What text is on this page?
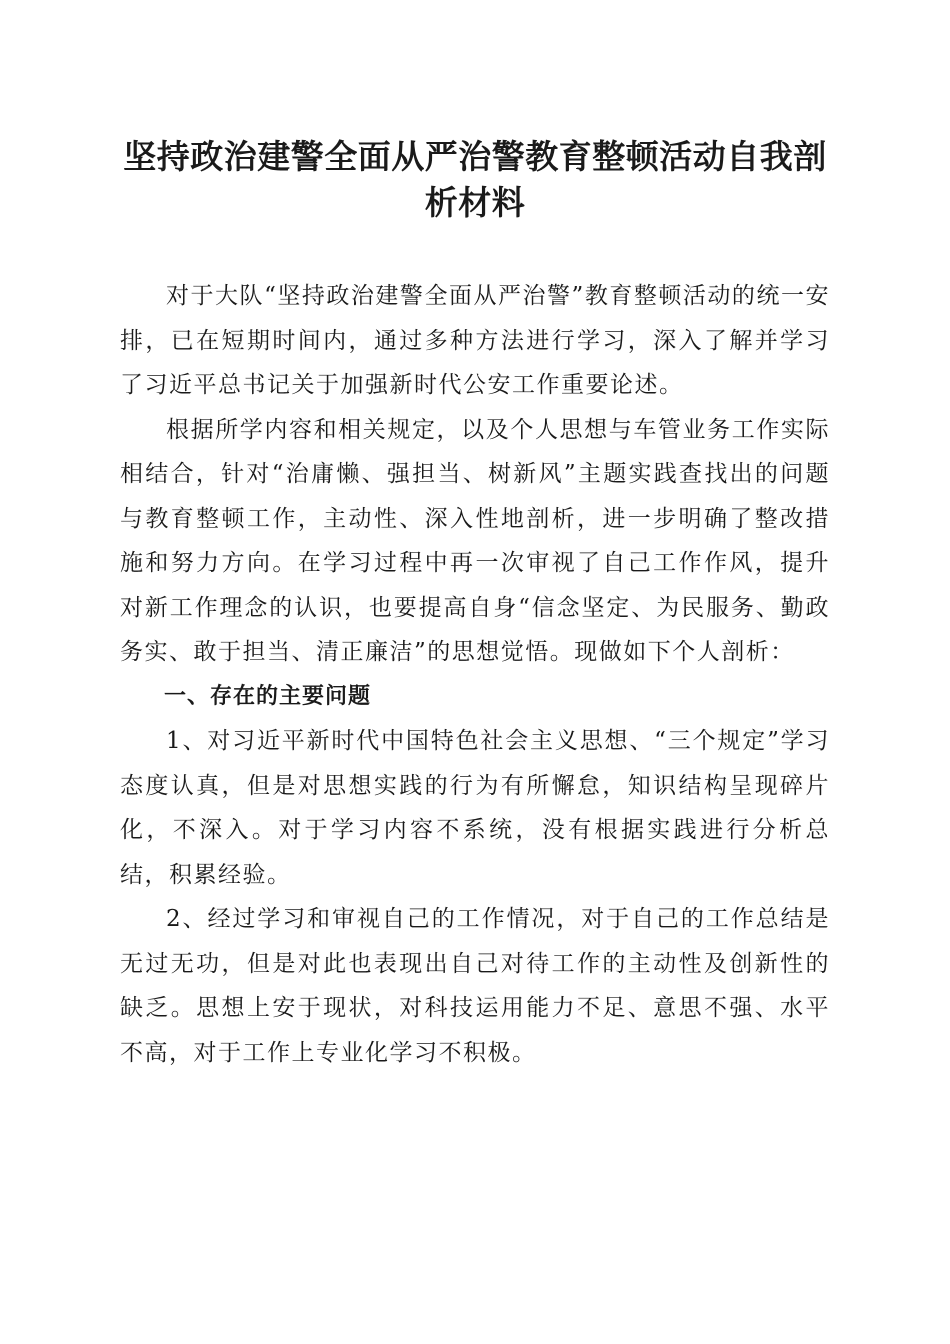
坚持政治建警全面从严治警教育整顿活动自我剖析材料

对于大队“坚持政治建警全面从严治警”教育整顿活动的统一安排，已在短期时间内，通过多种方法进行学习，深入了解并学习了习近平总书记关于加强新时代公安工作重要论述。

根据所学内容和相关规定，以及个人思想与车管业务工作实际相结合，针对“治庸懒、强担当、树新风”主题实践查找出的问题与教育整顿工作，主动性、深入性地剖析，进一步明确了整改措施和努力方向。在学习过程中再一次审视了自己工作作风，提升对新工作理念的认识，也要提高自身“信念坚定、为民服务、勤政务实、敢于担当、清正廉洁”的思想觉悟。现做如下个人剖析：

一、存在的主要问题

1、对习近平新时代中国特色社会主义思想、“三个规定”学习态度认真，但是对思想实践的行为有所懈怠，知识结构呈现碎片化，不深入。对于学习内容不系统，没有根据实践进行分析总结，积累经验。

2、经过学习和审视自己的工作情况，对于自己的工作总结是无过无功，但是对此也表现出自己对待工作的主动性及创新性的缺乏。思想上安于现状，对科技运用能力不足、意思不强、水平不高，对于工作上专业化学习不积极。
